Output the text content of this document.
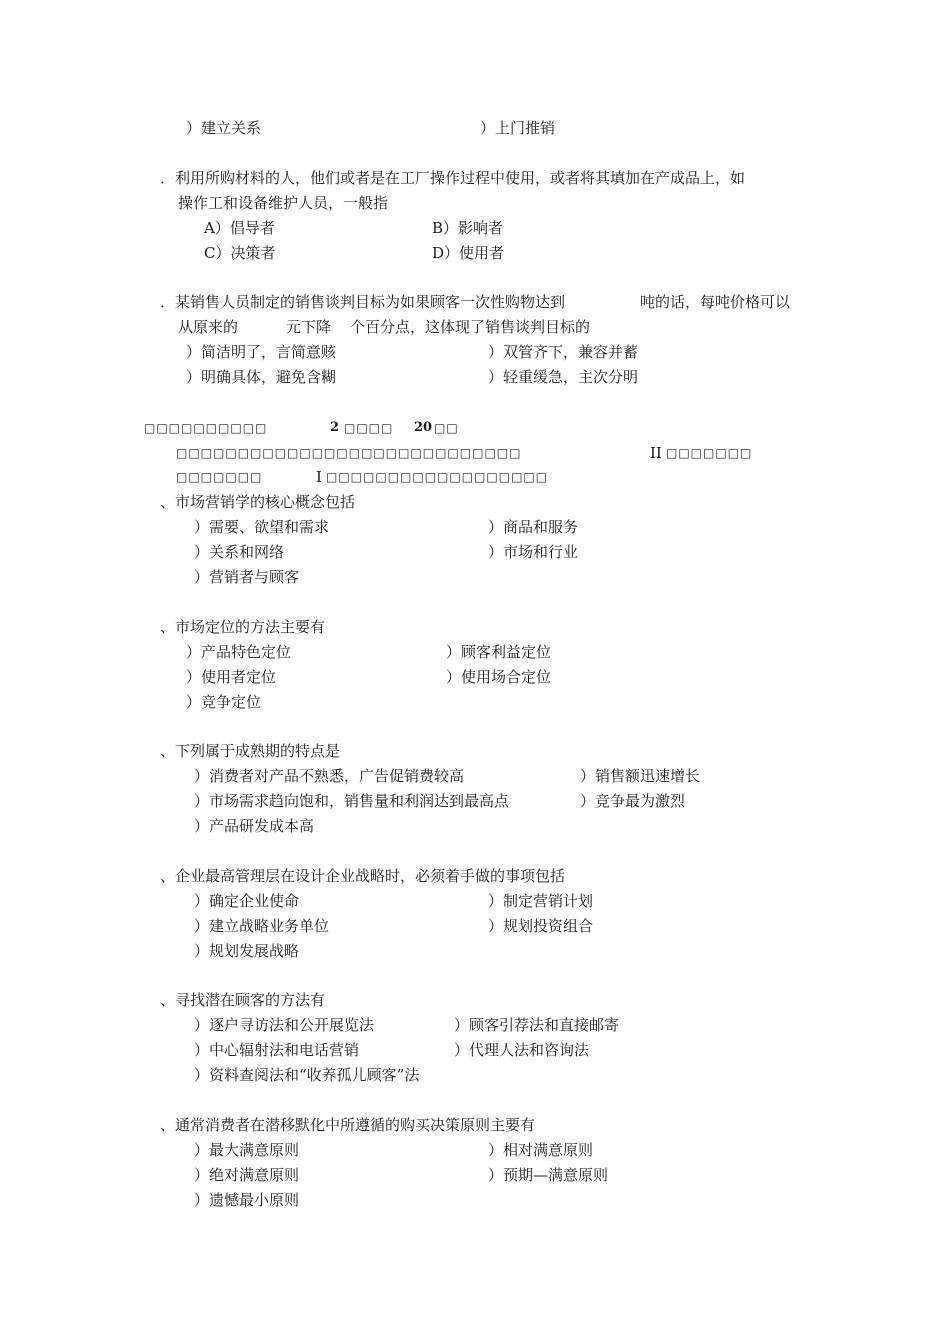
）建立关系	）上门推销
．利用所购材料的人，他们或者是在工厂操作过程中使用，或者将其填加在产成品上，如
操作工和设备维护人员，一般指
A）倡导者	B）影响者
C）决策者	D）使用者
．某销售人员制定的销售谈判目标为如果顾客一次性购物达到	吨的话，每吨价格可以
从原来的	元下降 个百分点，这体现了销售谈判目标的
）简洁明了，言简意赅	）双管齐下，兼容并蓄
）明确具体，避免含糊	）轻重缓急，主次分明
□□□□□□□□□□	2 □□□□ 20 □□
□□□□□□□□□□□□□□□□□□□□□□□□□□□□	II □□□□□□□
□□□□□□□	I □□□□□□□□□□□□□□□□□□
、市场营销学的核心概念包括
）需要、欲望和需求	）商品和服务
）关系和网络	）市场和行业
）营销者与顾客
、市场定位的方法主要有
）产品特色定位	）顾客利益定位
）使用者定位	）使用场合定位
）竞争定位
、下列属于成熟期的特点是
）消费者对产品不熟悉，广告促销费较高	）销售额迅速增长
）市场需求趋向饱和，销售量和利润达到最高点	）竞争最为激烈
）产品研发成本高
、企业最高管理层在设计企业战略时，必须着手做的事项包括
）确定企业使命	）制定营销计划
）建立战略业务单位	）规划投资组合
）规划发展战略
、寻找潜在顾客的方法有
）逐户寻访法和公开展览法	）顾客引荐法和直接邮寄
）中心辐射法和电话营销	）代理人法和咨询法
）资料查阅法和“收养孤儿顾客”法
、通常消费者在潜移默化中所遵循的购买决策原则主要有
）最大满意原则	）相对满意原则
）绝对满意原则	）预期—满意原则
）遗憾最小原则
